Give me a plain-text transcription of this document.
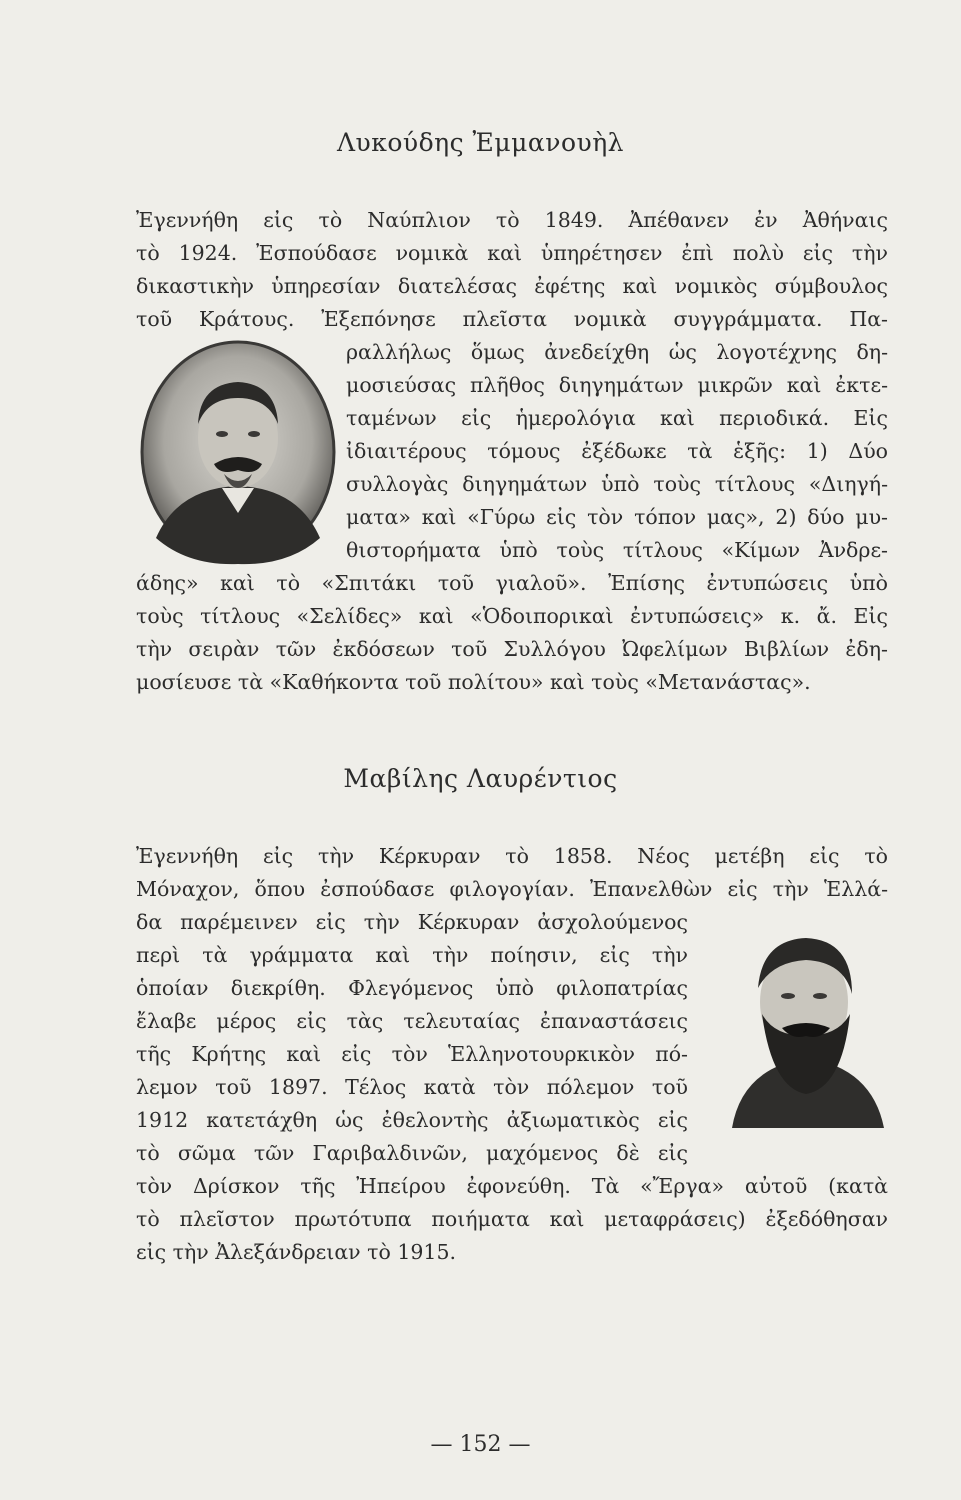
Λυκούδης Ἐμμανουὴλ
Ἐγεννήθη εἰς τὸ Ναύπλιον τὸ 1849. Ἀπέθανεν ἐν Ἀθήναις
τὸ 1924. Ἐσπούδασε νομικὰ καὶ ὑπηρέτησεν ἐπὶ πολὺ εἰς τὴν
δικαστικὴν ὑπηρεσίαν διατελέσας ἐφέτης καὶ νομικὸς σύμβουλος
τοῦ Κράτους. Ἐξεπόνησε πλεῖστα νομικὰ συγγράμματα. Πα-
ραλλήλως ὅμως ἀνεδείχθη ὡς λογοτέχνης δη-
μοσιεύσας πλῆθος διηγημάτων μικρῶν καὶ ἐκτε-
ταμένων εἰς ἡμερολόγια καὶ περιοδικά. Εἰς
ἰδιαιτέρους τόμους ἐξέδωκε τὰ ἑξῆς: 1) Δύο
συλλογὰς διηγημάτων ὑπὸ τοὺς τίτλους «Διηγή-
ματα» καὶ «Γύρω εἰς τὸν τόπον μας», 2) δύο μυ-
θιστορήματα ὑπὸ τοὺς τίτλους «Κίμων Ἀνδρε-
άδης» καὶ τὸ «Σπιτάκι τοῦ γιαλοῦ». Ἐπίσης ἐντυπώσεις ὑπὸ
τοὺς τίτλους «Σελίδες» καὶ «Ὁδοιπορικαὶ ἐντυπώσεις» κ. ἄ. Εἰς
τὴν σειρὰν τῶν ἐκδόσεων τοῦ Συλλόγου Ὠφελίμων Βιβλίων ἐδη-
μοσίευσε τὰ «Καθήκοντα τοῦ πολίτου» καὶ τοὺς «Μετανάστας».
Μαβίλης Λαυρέντιος
Ἐγεννήθη εἰς τὴν Κέρκυραν τὸ 1858. Νέος μετέβη εἰς τὸ
Μόναχον, ὅπου ἐσπούδασε φιλογογίαν. Ἐπανελθὼν εἰς τὴν Ἑλλά-
δα παρέμεινεν εἰς τὴν Κέρκυραν ἀσχολούμενος
περὶ τὰ γράμματα καὶ τὴν ποίησιν, εἰς τὴν
ὁποίαν διεκρίθη. Φλεγόμενος ὑπὸ φιλοπατρίας
ἔλαβε μέρος εἰς τὰς τελευταίας ἐπαναστάσεις
τῆς Κρήτης καὶ εἰς τὸν Ἑλληνοτουρκικὸν πό-
λεμον τοῦ 1897. Τέλος κατὰ τὸν πόλεμον τοῦ
1912 κατετάχθη ὡς ἐθελοντὴς ἀξιωματικὸς εἰς
τὸ σῶμα τῶν Γαριβαλδινῶν, μαχόμενος δὲ εἰς
τὸν Δρίσκον τῆς Ἠπείρου ἐφονεύθη. Τὰ «Ἔργα» αὐτοῦ (κατὰ
τὸ πλεῖστον πρωτότυπα ποιήματα καὶ μεταφράσεις) ἐξεδόθησαν
εἰς τὴν Ἀλεξάνδρειαν τὸ 1915.
— 152 —
